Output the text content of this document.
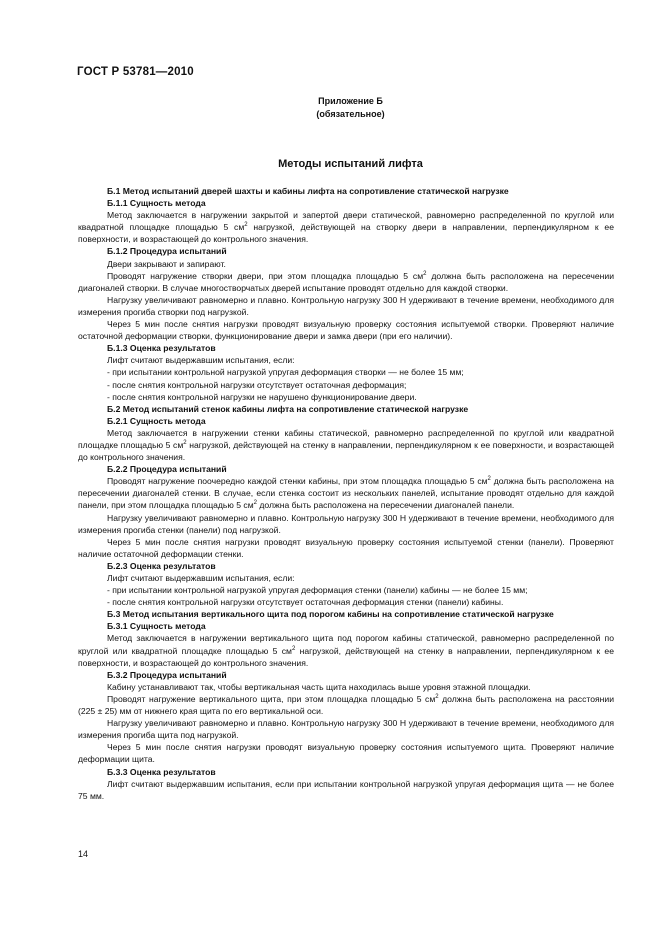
ГОСТ Р 53781—2010
Приложение Б
(обязательное)
Методы испытаний лифта

Б.1 Метод испытаний дверей шахты и кабины лифта на сопротивление статической нагрузке

Б.1.1 Сущность метода

Метод заключается в нагружении закрытой и запертой двери статической, равномерно распределенной по круглой или квадратной площадке площадью 5 $см^2$ нагрузкой, действующей на створку двери в направлении, перпендикулярном к ее поверхности, и возрастающей до контрольного значения.

Б.1.2 Процедура испытаний

Двери закрывают и запирают.

Проводят нагружение створки двери, при этом площадка площадью 5 $см^2$ должна быть расположена на пересечении диагоналей створки. В случае многостворчатых дверей испытание проводят отдельно для каждой створки.

Нагрузку увеличивают равномерно и плавно. Контрольную нагрузку 300 Н удерживают в течение времени, необходимого для измерения прогиба створки под нагрузкой.

Через 5 мин после снятия нагрузки проводят визуальную проверку состояния испытуемой створки. Проверяют наличие остаточной деформации створки, функционирование двери и замка двери (при его наличии).

Б.1.3 Оценка результатов

Лифт считают выдержавшим испытания, если:

- при испытании контрольной нагрузкой упругая деформация створки — не более 15 мм;

- после снятия контрольной нагрузки отсутствует остаточная деформация;

- после снятия контрольной нагрузки не нарушено функционирование двери.

Б.2 Метод испытаний стенок кабины лифта на сопротивление статической нагрузке

Б.2.1 Сущность метода

Метод заключается в нагружении стенки кабины статической, равномерно распределенной по круглой или квадратной площадке площадью 5 $см^2$ нагрузкой, действующей на стенку в направлении, перпендикулярном к ее поверхности, и возрастающей до контрольного значения.

Б.2.2 Процедура испытаний

Проводят нагружение поочередно каждой стенки кабины, при этом площадка площадью 5 $см^2$ должна быть расположена на пересечении диагоналей стенки. В случае, если стенка состоит из нескольких панелей, испытание проводят отдельно для каждой панели, при этом площадка площадью 5 $см^2$ должна быть расположена на пересечении диагоналей панели.

Нагрузку увеличивают равномерно и плавно. Контрольную нагрузку 300 Н удерживают в течение времени, необходимого для измерения прогиба стенки (панели) под нагрузкой.

Через 5 мин после снятия нагрузки проводят визуальную проверку состояния испытуемой стенки (панели). Проверяют наличие остаточной деформации стенки.

Б.2.3 Оценка результатов

Лифт считают выдержавшим испытания, если:

- при испытании контрольной нагрузкой упругая деформация стенки (панели) кабины — не более 15 мм;

- после снятия контрольной нагрузки отсутствует остаточная деформация стенки (панели) кабины.

Б.3 Метод испытания вертикального щита под порогом кабины на сопротивление статической нагрузке

Б.3.1 Сущность метода

Метод заключается в нагружении вертикального щита под порогом кабины статической, равномерно распределенной по круглой или квадратной площадке площадью 5 $см^2$ нагрузкой, действующей на стенку в направлении, перпендикулярном к ее поверхности, и возрастающей до контрольного значения.

Б.3.2 Процедура испытаний

Кабину устанавливают так, чтобы вертикальная часть щита находилась выше уровня этажной площадки.

Проводят нагружение вертикального щита, при этом площадка площадью 5 $см^2$ должна быть расположена на расстоянии (225 ± 25) мм от нижнего края щита по его вертикальной оси.

Нагрузку увеличивают равномерно и плавно. Контрольную нагрузку 300 Н удерживают в течение времени, необходимого для измерения прогиба щита под нагрузкой.

Через 5 мин после снятия нагрузки проводят визуальную проверку состояния испытуемого щита. Проверяют наличие деформации щита.

Б.3.3 Оценка результатов

Лифт считают выдержавшим испытания, если при испытании контрольной нагрузкой упругая деформация щита — не более 75 мм.

14
